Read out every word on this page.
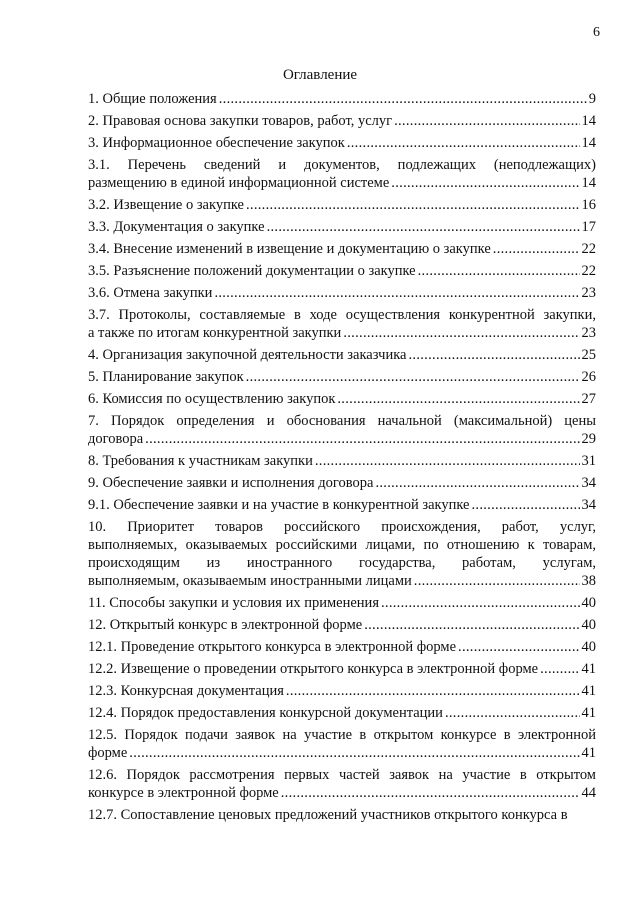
6
Оглавление
1. Общие положения .....	9
2. Правовая основа закупки товаров, работ, услуг .....	14
3. Информационное обеспечение закупок .....	14
3.1. Перечень сведений и документов, подлежащих (неподлежащих)
размещению в единой информационной системе .....	14
3.2. Извещение о закупке .....	16
3.3. Документация о закупке .....	17
3.4. Внесение изменений в извещение и документацию о закупке .....	22
3.5. Разъяснение положений документации о закупке .....	22
3.6. Отмена закупки .....	23
3.7. Протоколы, составляемые в ходе осуществления конкурентной закупки,
а также по итогам конкурентной закупки .....	23
4. Организация закупочной деятельности заказчика .....	25
5. Планирование закупок .....	26
6. Комиссия по осуществлению закупок .....	27
7. Порядок определения и обоснования начальной (максимальной) цены
договора .....	29
8. Требования к участникам закупки .....	31
9. Обеспечение заявки и исполнения договора .....	34
9.1. Обеспечение заявки и на участие в конкурентной закупке .....	34
10. Приоритет товаров российского происхождения, работ, услуг,
выполняемых, оказываемых российскими лицами, по отношению к товарам,
происходящим из иностранного государства, работам, услугам,
выполняемым, оказываемым иностранными лицами .....	38
11. Способы закупки и условия их применения .....	40
12. Открытый конкурс в электронной форме .....	40
12.1. Проведение открытого конкурса в электронной форме .....	40
12.2. Извещение о проведении открытого конкурса в электронной форме .....	41
12.3. Конкурсная документация .....	41
12.4. Порядок предоставления конкурсной документации .....	41
12.5. Порядок подачи заявок на участие в открытом конкурсе в электронной
форме .....	41
12.6. Порядок рассмотрения первых частей заявок на участие в открытом
конкурсе в электронной форме .....	44
12.7. Сопоставление ценовых предложений участников открытого конкурса в
